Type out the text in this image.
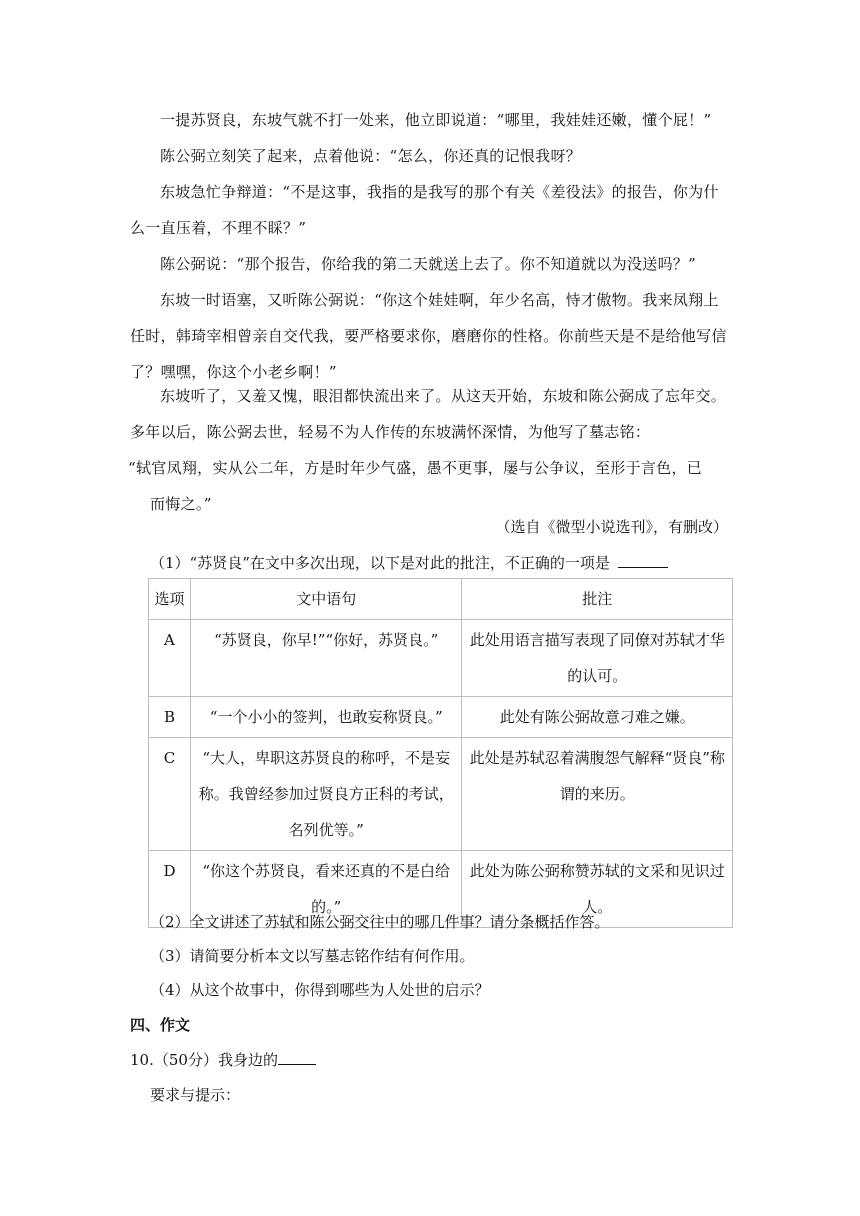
一提苏贤良，东坡气就不打一处来，他立即说道：“哪里，我娃娃还嫩，懂个屁！”

陈公弼立刻笑了起来，点着他说：“怎么，你还真的记恨我呀？

东坡急忙争辩道：“不是这事，我指的是我写的那个有关《差役法》的报告，你为什么一直压着，不理不睬？”

陈公弼说：“那个报告，你给我的第二天就送上去了。你不知道就以为没送吗？”

东坡一时语塞，又听陈公弼说：“你这个娃娃啊，年少名高，恃才傲物。我来凤翔上任时，韩琦宰相曾亲自交代我，要严格要求你，磨磨你的性格。你前些天是不是给他写信了？嘿嘿，你这个小老乡啊！”

东坡听了，又羞又愧，眼泪都快流出来了。从这天开始，东坡和陈公弼成了忘年交。多年以后，陈公弼去世，轻易不为人作传的东坡满怀深情，为他写了墓志铭：

“轼官凤翔，实从公二年，方是时年少气盛，愚不更事，屡与公争议，至形于言色，已
而悔之。”

（选自《微型小说选刊》，有删改）

（1）“苏贤良”在文中多次出现，以下是对此的批注，不正确的一项是

选项	文中语句	批注
A	“苏贤良，你早!”“你好，苏贤良。”	此处用语言描写表现了同僚对苏轼才华的认可。
B	“一个小小的签判，也敢妄称贤良。”	此处有陈公弼故意刁难之嫌。
C	“大人，卑职这苏贤良的称呼，不是妄称。我曾经参加过贤良方正科的考试，名列优等。”	此处是苏轼忍着满腹怨气解释“贤良”称谓的来历。
D	“你这个苏贤良，看来还真的不是白给的。”	此处为陈公弼称赞苏轼的文采和见识过人。

（2）全文讲述了苏轼和陈公弼交往中的哪几件事？请分条概括作答。

（3）请简要分析本文以写墓志铭作结有何作用。

（4）从这个故事中，你得到哪些为人处世的启示？

四、作文

10.（50分）我身边的

要求与提示：
